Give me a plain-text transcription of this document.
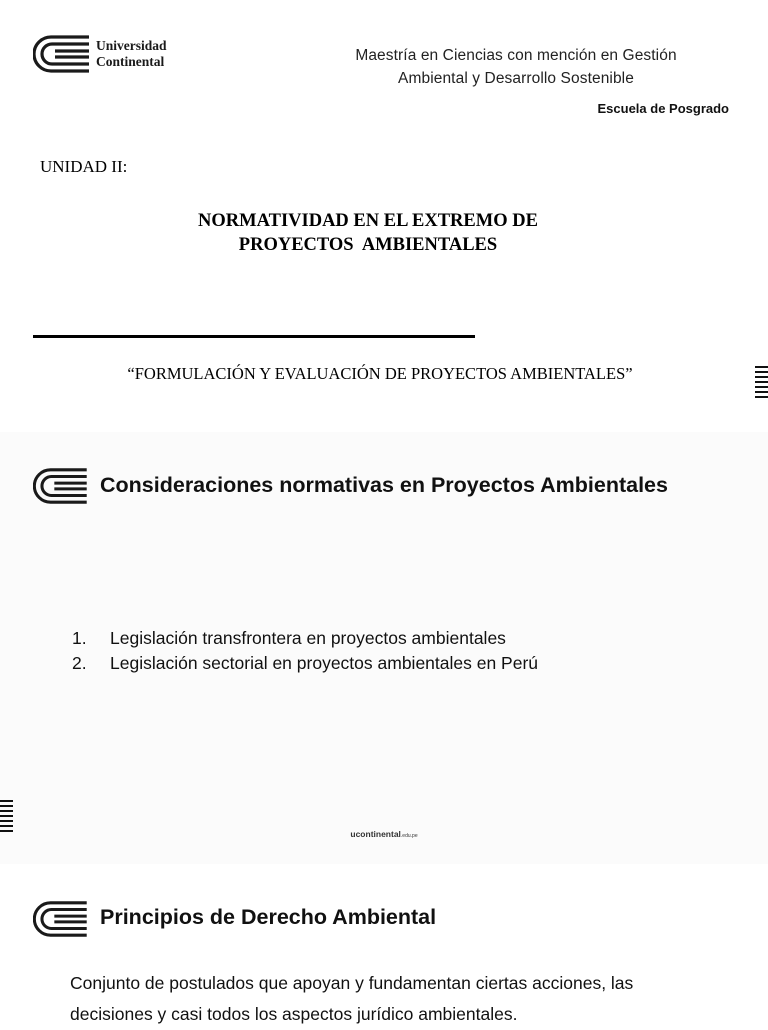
Universidad
Continental	Maestría en Ciencias con mención en Gestión
Ambiental y Desarrollo Sostenible
Escuela de Posgrado
UNIDAD II:
NORMATIVIDAD EN EL EXTREMO DE
PROYECTOS  AMBIENTALES
“FORMULACIÓN Y EVALUACIÓN DE PROYECTOS AMBIENTALES”
Consideraciones normativas en Proyectos Ambientales
1.	Legislación transfrontera en proyectos ambientales
2.	Legislación sectorial en proyectos ambientales en Perú
ucontinental.edu.pe
Principios de Derecho Ambiental
Conjunto de postulados que apoyan y fundamentan ciertas acciones, las decisiones y casi todos los aspectos jurídico ambientales.
